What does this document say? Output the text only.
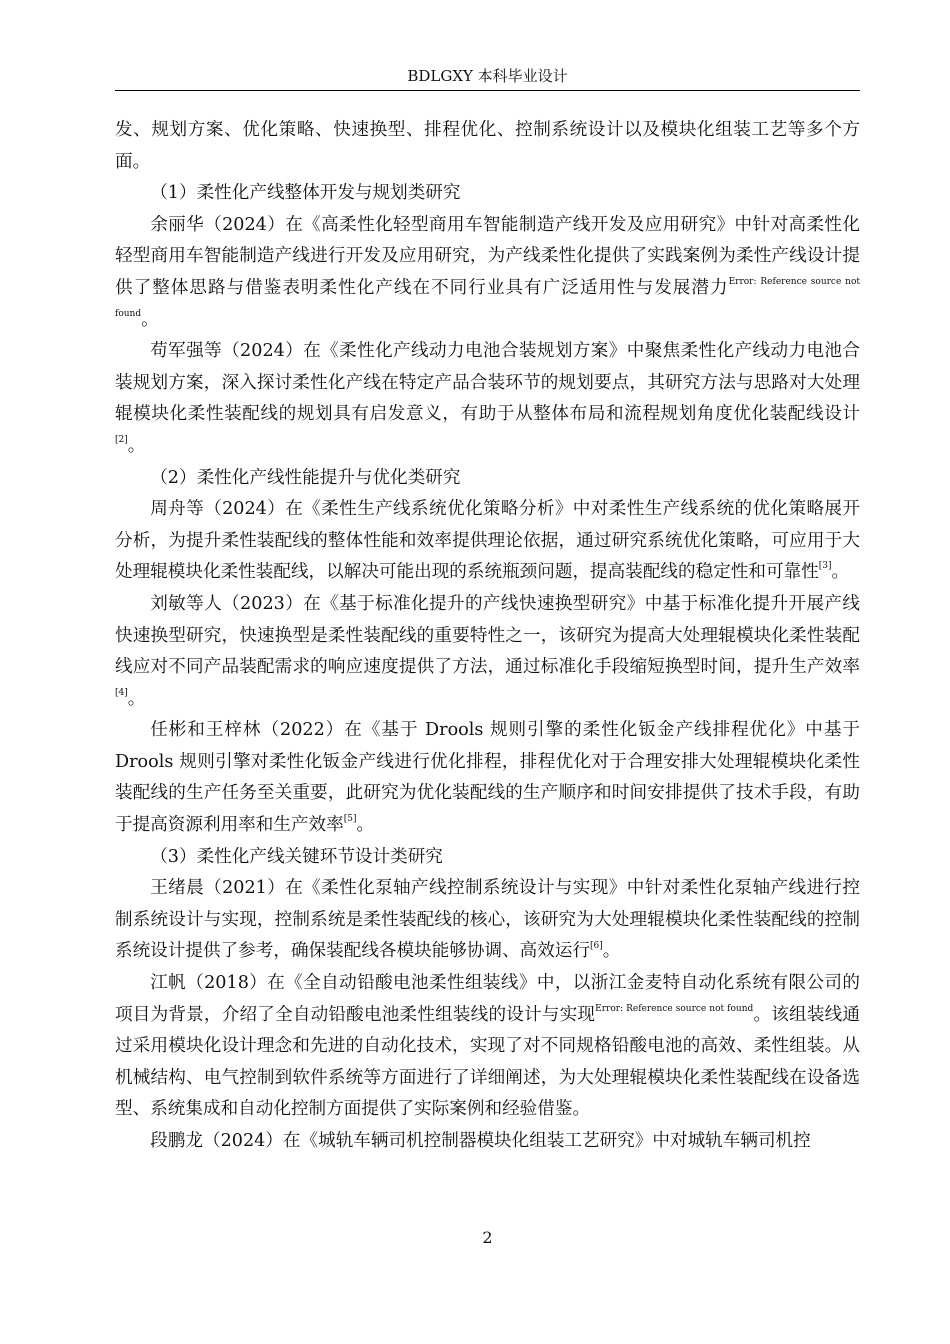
BDLGXY 本科毕业设计

发、规划方案、优化策略、快速换型、排程优化、控制系统设计以及模块化组装工艺等多个方面。

（1）柔性化产线整体开发与规划类研究

余丽华（2024）在《高柔性化轻型商用车智能制造产线开发及应用研究》中针对高柔性化轻型商用车智能制造产线进行开发及应用研究，为产线柔性化提供了实践案例为柔性产线设计提供了整体思路与借鉴表明柔性化产线在不同行业具有广泛适用性与发展潜力$^{Error: Reference source not found}$。

苟军强等（2024）在《柔性化产线动力电池合装规划方案》中聚焦柔性化产线动力电池合装规划方案，深入探讨柔性化产线在特定产品合装环节的规划要点，其研究方法与思路对大处理辊模块化柔性装配线的规划具有启发意义，有助于从整体布局和流程规划角度优化装配线设计[2]。

（2）柔性化产线性能提升与优化类研究

周舟等（2024）在《柔性生产线系统优化策略分析》中对柔性生产线系统的优化策略展开分析，为提升柔性装配线的整体性能和效率提供理论依据，通过研究系统优化策略，可应用于大处理辊模块化柔性装配线，以解决可能出现的系统瓶颈问题，提高装配线的稳定性和可靠性[3]。

刘敏等人（2023）在《基于标准化提升的产线快速换型研究》中基于标准化提升开展产线快速换型研究，快速换型是柔性装配线的重要特性之一，该研究为提高大处理辊模块化柔性装配线应对不同产品装配需求的响应速度提供了方法，通过标准化手段缩短换型时间，提升生产效率[4]。

任彬和王梓林（2022）在《基于 Drools 规则引擎的柔性化钣金产线排程优化》中基于 Drools 规则引擎对柔性化钣金产线进行优化排程，排程优化对于合理安排大处理辊模块化柔性装配线的生产任务至关重要，此研究为优化装配线的生产顺序和时间安排提供了技术手段，有助于提高资源利用率和生产效率[5]。

（3）柔性化产线关键环节设计类研究

王绪晨（2021）在《柔性化泵轴产线控制系统设计与实现》中针对柔性化泵轴产线进行控制系统设计与实现，控制系统是柔性装配线的核心，该研究为大处理辊模块化柔性装配线的控制系统设计提供了参考，确保装配线各模块能够协调、高效运行[6]。

江帆（2018）在《全自动铅酸电池柔性组装线》中，以浙江金麦特自动化系统有限公司的项目为背景，介绍了全自动铅酸电池柔性组装线的设计与实现$^{Error: Reference source not found}$。该组装线通过采用模块化设计理念和先进的自动化技术，实现了对不同规格铅酸电池的高效、柔性组装。从机械结构、电气控制到软件系统等方面进行了详细阐述，为大处理辊模块化柔性装配线在设备选型、系统集成和自动化控制方面提供了实际案例和经验借鉴。

段鹏龙（2024）在《城轨车辆司机控制器模块化组装工艺研究》中对城轨车辆司机控

2
